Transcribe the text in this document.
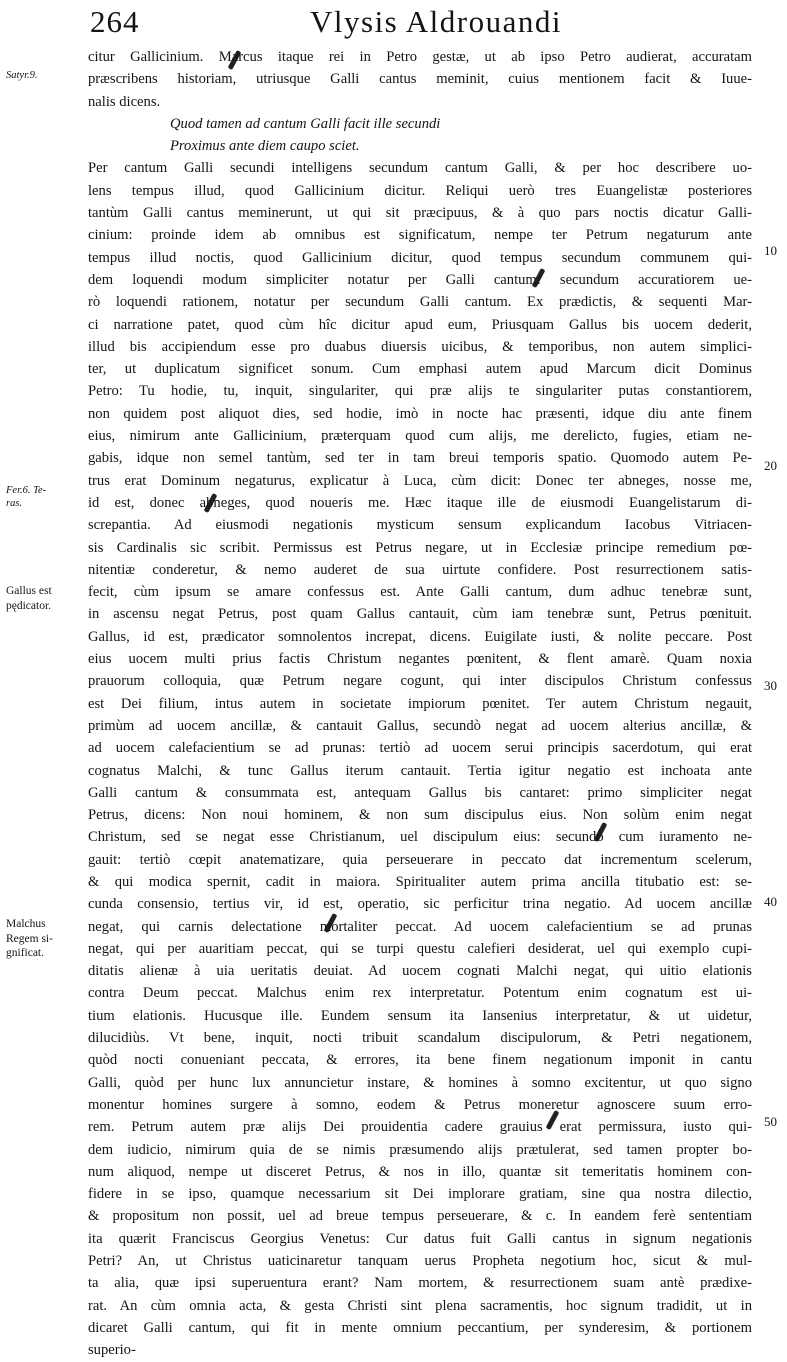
264	Vlysis Aldrouandi
Satyr.9.
Fer.6. Te-
ras.
Gallus est
pędicator.
Malchus
Regem si-
gnificat.
10
20
30
40
50
citur Gallicinium. Marcus itaque rei in Petro gestæ, ut ab ipso Petro audierat, accuratam
præscribens historiam, utriusque Galli cantus meminit, cuius mentionem facit & Iuue-
nalis dicens.
Quod tamen ad cantum Galli facit ille secundi
Proximus ante diem caupo sciet.
Per cantum Galli secundi intelligens secundum cantum Galli, & per hoc describere uo-
lens tempus illud, quod Gallicinium dicitur. Reliqui uerò tres Euangelistæ posteriores
tantùm Galli cantus meminerunt, ut qui sit præcipuus, & à quo pars noctis dicatur Galli-
cinium: proinde idem ab omnibus est significatum, nempe ter Petrum negaturum ante
tempus illud noctis, quod Gallicinium dicitur, quod tempus secundum communem qui-
dem loquendi modum simpliciter notatur per Galli cantum: secundum accuratiorem ue-
rò loquendi rationem, notatur per secundum Galli cantum. Ex prædictis, & sequenti Mar-
ci narratione patet, quod cùm hîc dicitur apud eum, Priusquam Gallus bis uocem dederit,
illud bis accipiendum esse pro duabus diuersis uicibus, & temporibus, non autem simplici-
ter, ut duplicatum significet sonum. Cum emphasi autem apud Marcum dicit Dominus
Petro: Tu hodie, tu, inquit, singulariter, qui præ alijs te singulariter putas constantiorem,
non quidem post aliquot dies, sed hodie, imò in nocte hac præsenti, idque diu ante finem
eius, nimirum ante Gallicinium, præterquam quod cum alijs, me derelicto, fugies, etiam ne-
gabis, idque non semel tantùm, sed ter in tam breui temporis spatio. Quomodo autem Pe-
trus erat Dominum negaturus, explicatur à Luca, cùm dicit: Donec ter abneges, nosse me,
id est, donec abneges, quod noueris me. Hæc itaque ille de eiusmodi Euangelistarum di-
screpantia. Ad eiusmodi negationis mysticum sensum explicandum Iacobus Vitriacen-
sis Cardinalis sic scribit. Permissus est Petrus negare, ut in Ecclesiæ principe remedium pœ-
nitentiæ conderetur, & nemo auderet de sua uirtute confidere. Post resurrectionem satis-
fecit, cùm ipsum se amare confessus est. Ante Galli cantum, dum adhuc tenebræ sunt,
in ascensu negat Petrus, post quam Gallus cantauit, cùm iam tenebræ sunt, Petrus pœnituit.
Gallus, id est, prædicator somnolentos increpat, dicens. Euigilate iusti, & nolite peccare. Post
eius uocem multi prius factis Christum negantes pœnitent, & flent amarè. Quam noxia
prauorum colloquia, quæ Petrum negare cogunt, qui inter discipulos Christum confessus
est Dei filium, intus autem in societate impiorum pœnitet. Ter autem Christum negauit,
primùm ad uocem ancillæ, & cantauit Gallus, secundò negat ad uocem alterius ancillæ, &
ad uocem calefacientium se ad prunas: tertiò ad uocem serui principis sacerdotum, qui erat
cognatus Malchi, & tunc Gallus iterum cantauit. Tertia igitur negatio est inchoata ante
Galli cantum & consummata est, antequam Gallus bis cantaret: primo simpliciter negat
Petrus, dicens: Non noui hominem, & non sum discipulus eius. Non solùm enim negat
Christum, sed se negat esse Christianum, uel discipulum eius: secundò cum iuramento ne-
gauit: tertiò cœpit anatematizare, quia perseuerare in peccato dat incrementum scelerum,
& qui modica spernit, cadit in maiora. Spiritualiter autem prima ancilla titubatio est: se-
cunda consensio, tertius vir, id est, operatio, sic perficitur trina negatio. Ad uocem ancillæ
negat, qui carnis delectatione mortaliter peccat. Ad uocem calefacientium se ad prunas
negat, qui per auaritiam peccat, qui se turpi questu calefieri desiderat, uel qui exemplo cupi-
ditatis alienæ à uia ueritatis deuiat. Ad uocem cognati Malchi negat, qui uitio elationis
contra Deum peccat. Malchus enim rex interpretatur. Potentum enim cognatum est ui-
tium elationis. Hucusque ille. Eundem sensum ita Iansenius interpretatur, & ut uidetur,
dilucidiùs. Vt bene, inquit, nocti tribuit scandalum discipulorum, & Petri negationem,
quòd nocti conueniant peccata, & errores, ita bene finem negationum imponit in cantu
Galli, quòd per hunc lux annuncietur instare, & homines à somno excitentur, ut quo signo
monentur homines surgere à somno, eodem & Petrus moneretur agnoscere suum erro-
rem. Petrum autem præ alijs Dei prouidentia cadere grauius erat permissura, iusto qui-
dem iudicio, nimirum quia de se nimis præsumendo alijs prætulerat, sed tamen propter bo-
num aliquod, nempe ut disceret Petrus, & nos in illo, quantæ sit temeritatis hominem con-
fidere in se ipso, quamque necessarium sit Dei implorare gratiam, sine qua nostra dilectio,
& propositum non possit, uel ad breue tempus perseuerare, & c. In eandem ferè sententiam
ita quærit Franciscus Georgius Venetus: Cur datus fuit Galli cantus in signum negationis
Petri? An, ut Christus uaticinaretur tanquam uerus Propheta negotium hoc, sicut & mul-
ta alia, quæ ipsi superuentura erant? Nam mortem, & resurrectionem suam antè prædixe-
rat. An cùm omnia acta, & gesta Christi sint plena sacramentis, hoc signum tradidit, ut in
dicaret Galli cantum, qui fit in mente omnium peccantium, per synderesim, & portionem
superio-
